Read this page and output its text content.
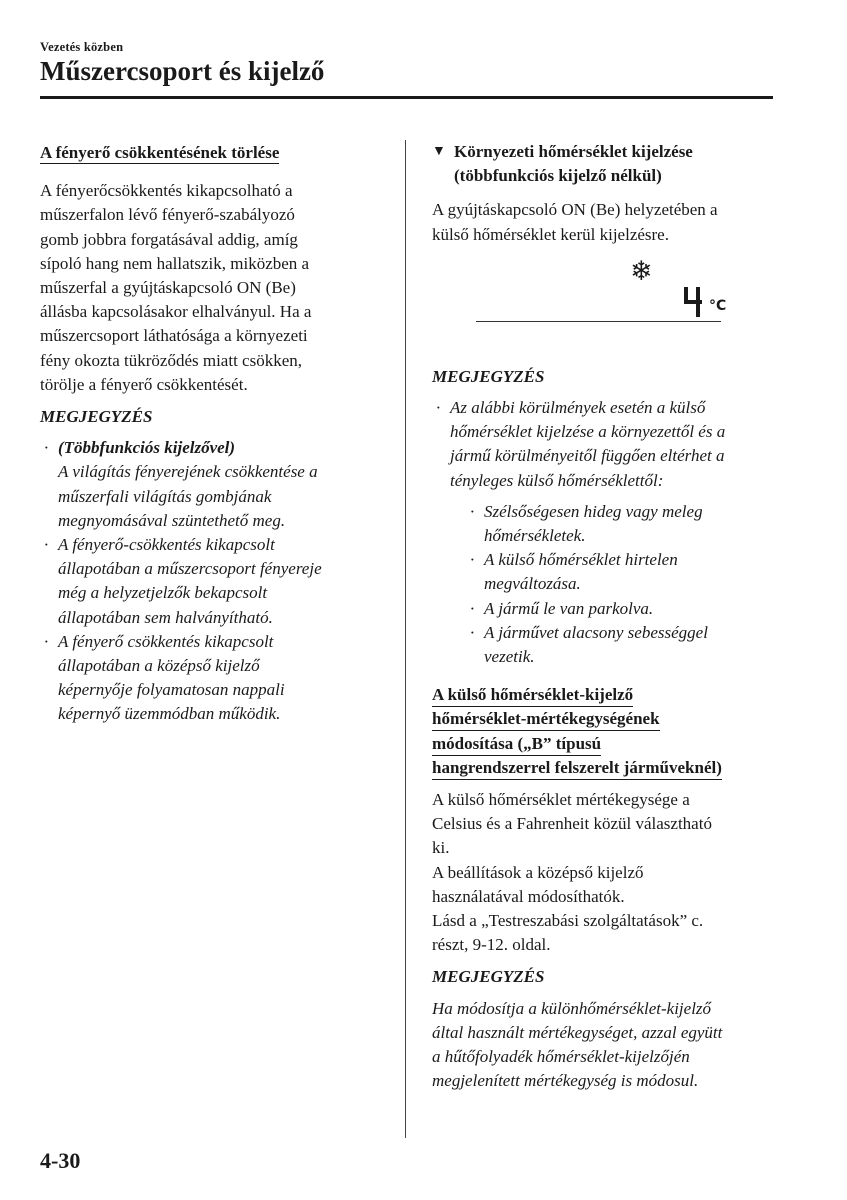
Vezetés közben
Műszercsoport és kijelző
A fényerő csökkentésének törlése

A fényerőcsökkentés kikapcsolható a
műszerfalon lévő fényerő-szabályozó
gomb jobbra forgatásával addig, amíg
sípoló hang nem hallatszik, miközben a
műszerfal a gyújtáskapcsoló ON (Be)
állásba kapcsolásakor elhalványul. Ha a
műszercsoport láthatósága a környezeti
fény okozta tükröződés miatt csökken,
törölje a fényerő csökkentését.

MEGJEGYZÉS
· (Többfunkciós kijelzővel)
A világítás fényerejének csökkentése a
műszerfali világítás gombjának
megnyomásával szüntethető meg.
· A fényerő-csökkentés kikapcsolt
állapotában a műszercsoport fényereje
még a helyzetjelzők bekapcsolt
állapotában sem halványítható.
· A fényerő csökkentés kikapcsolt
állapotában a középső kijelző
képernyője folyamatosan nappali
képernyő üzemmódban működik.
▼ Környezeti hőmérséklet kijelzése
(többfunkciós kijelző nélkül)

A gyújtáskapcsoló ON (Be) helyzetében a
külső hőmérséklet kerül kijelzésre.

❄
°C
MEGJEGYZÉS
· Az alábbi körülmények esetén a külső
hőmérséklet kijelzése a környezettől és a
jármű körülményeitől függően eltérhet a
tényleges külső hőmérséklettől:
· Szélsőségesen hideg vagy meleg
hőmérsékletek.
· A külső hőmérséklet hirtelen
megváltozása.
· A jármű le van parkolva.
· A járművet alacsony sebességgel
vezetik.
A külső hőmérséklet-kijelző
hőmérséklet-mértékegységének
módosítása („B” típusú
hangrendszerrel felszerelt járműveknél)

A külső hőmérséklet mértékegysége a
Celsius és a Fahrenheit közül választható
ki.
A beállítások a középső kijelző
használatával módosíthatók.
Lásd a „Testreszabási szolgáltatások” c.
részt, 9-12. oldal.

MEGJEGYZÉS

Ha módosítja a különhőmérséklet-kijelző
által használt mértékegységet, azzal együtt
a hűtőfolyadék hőmérséklet-kijelzőjén
megjelenített mértékegység is módosul.

4-30
